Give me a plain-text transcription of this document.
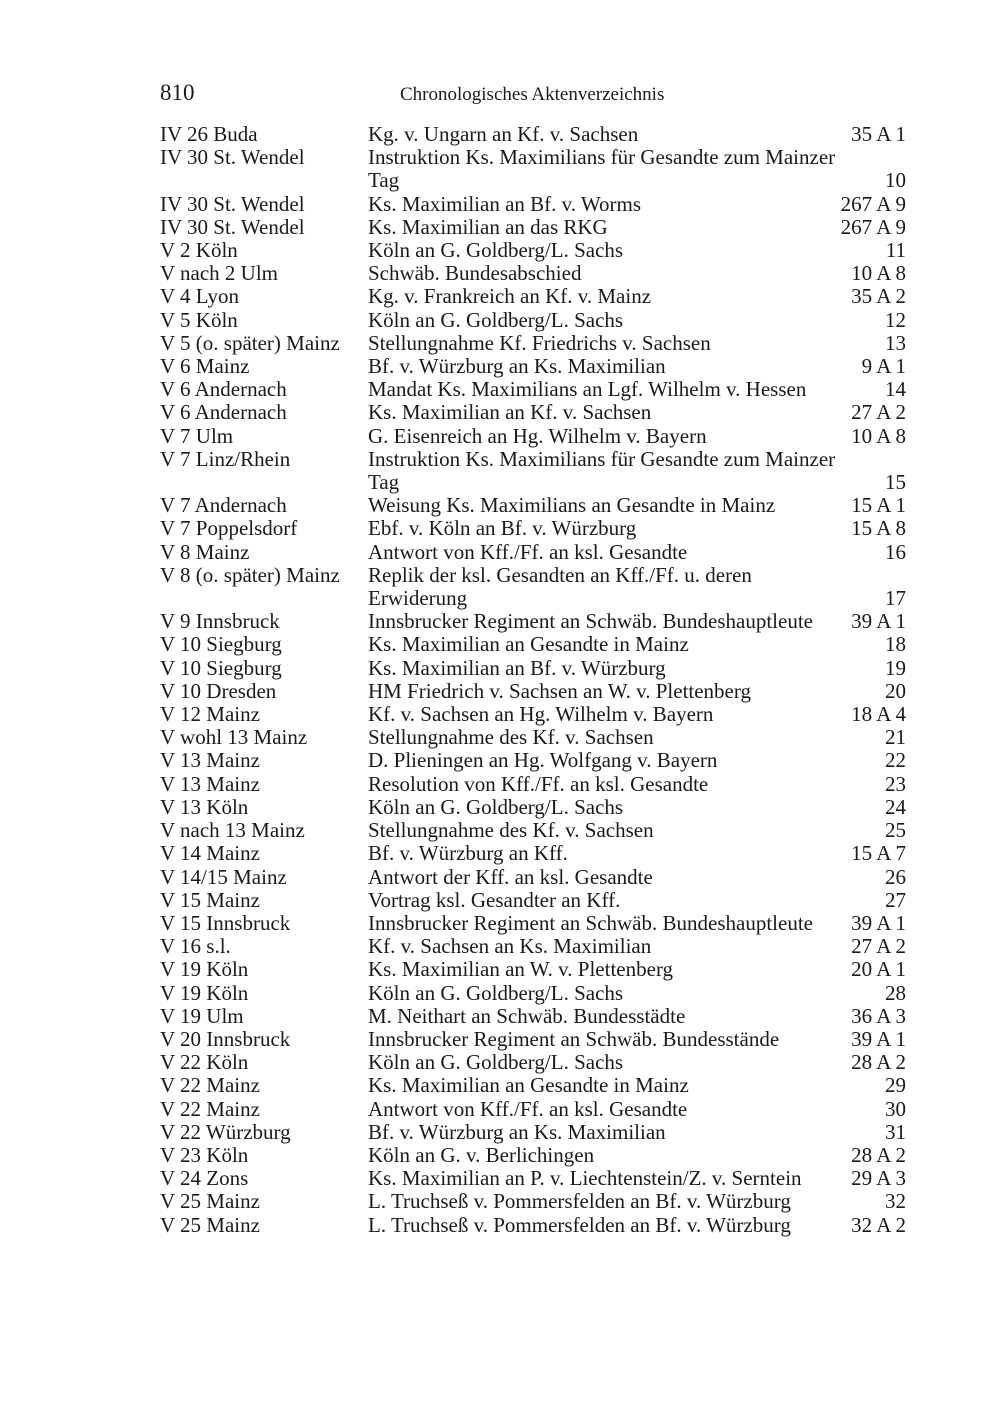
810	Chronologisches Aktenverzeichnis
IV 26 Buda	Kg. v. Ungarn an Kf. v. Sachsen	35 A 1
IV 30 St. Wendel	Instruktion Ks. Maximilians für Gesandte zum Mainzer Tag	10
IV 30 St. Wendel	Ks. Maximilian an Bf. v. Worms	267 A 9
IV 30 St. Wendel	Ks. Maximilian an das RKG	267 A 9
V 2 Köln	Köln an G. Goldberg/L. Sachs	11
V nach 2 Ulm	Schwäb. Bundesabschied	10 A 8
V 4 Lyon	Kg. v. Frankreich an Kf. v. Mainz	35 A 2
V 5 Köln	Köln an G. Goldberg/L. Sachs	12
V 5 (o. später) Mainz	Stellungnahme Kf. Friedrichs v. Sachsen	13
V 6 Mainz	Bf. v. Würzburg an Ks. Maximilian	9 A 1
V 6 Andernach	Mandat Ks. Maximilians an Lgf. Wilhelm v. Hessen	14
V 6 Andernach	Ks. Maximilian an Kf. v. Sachsen	27 A 2
V 7 Ulm	G. Eisenreich an Hg. Wilhelm v. Bayern	10 A 8
V 7 Linz/Rhein	Instruktion Ks. Maximilians für Gesandte zum Mainzer Tag	15
V 7 Andernach	Weisung Ks. Maximilians an Gesandte in Mainz	15 A 1
V 7 Poppelsdorf	Ebf. v. Köln an Bf. v. Würzburg	15 A 8
V 8 Mainz	Antwort von Kff./Ff. an ksl. Gesandte	16
V 8 (o. später) Mainz	Replik der ksl. Gesandten an Kff./Ff. u. deren Erwiderung	17
V 9 Innsbruck	Innsbrucker Regiment an Schwäb. Bundeshauptleute	39 A 1
V 10 Siegburg	Ks. Maximilian an Gesandte in Mainz	18
V 10 Siegburg	Ks. Maximilian an Bf. v. Würzburg	19
V 10 Dresden	HM Friedrich v. Sachsen an W. v. Plettenberg	20
V 12 Mainz	Kf. v. Sachsen an Hg. Wilhelm v. Bayern	18 A 4
V wohl 13 Mainz	Stellungnahme des Kf. v. Sachsen	21
V 13 Mainz	D. Plieningen an Hg. Wolfgang v. Bayern	22
V 13 Mainz	Resolution von Kff./Ff. an ksl. Gesandte	23
V 13 Köln	Köln an G. Goldberg/L. Sachs	24
V nach 13 Mainz	Stellungnahme des Kf. v. Sachsen	25
V 14 Mainz	Bf. v. Würzburg an Kff.	15 A 7
V 14/15 Mainz	Antwort der Kff. an ksl. Gesandte	26
V 15 Mainz	Vortrag ksl. Gesandter an Kff.	27
V 15 Innsbruck	Innsbrucker Regiment an Schwäb. Bundeshauptleute	39 A 1
V 16 s.l.	Kf. v. Sachsen an Ks. Maximilian	27 A 2
V 19 Köln	Ks. Maximilian an W. v. Plettenberg	20 A 1
V 19 Köln	Köln an G. Goldberg/L. Sachs	28
V 19 Ulm	M. Neithart an Schwäb. Bundesstädte	36 A 3
V 20 Innsbruck	Innsbrucker Regiment an Schwäb. Bundesstände	39 A 1
V 22 Köln	Köln an G. Goldberg/L. Sachs	28 A 2
V 22 Mainz	Ks. Maximilian an Gesandte in Mainz	29
V 22 Mainz	Antwort von Kff./Ff. an ksl. Gesandte	30
V 22 Würzburg	Bf. v. Würzburg an Ks. Maximilian	31
V 23 Köln	Köln an G. v. Berlichingen	28 A 2
V 24 Zons	Ks. Maximilian an P. v. Liechtenstein/Z. v. Serntein	29 A 3
V 25 Mainz	L. Truchseß v. Pommersfelden an Bf. v. Würzburg	32
V 25 Mainz	L. Truchseß v. Pommersfelden an Bf. v. Würzburg	32 A 2
